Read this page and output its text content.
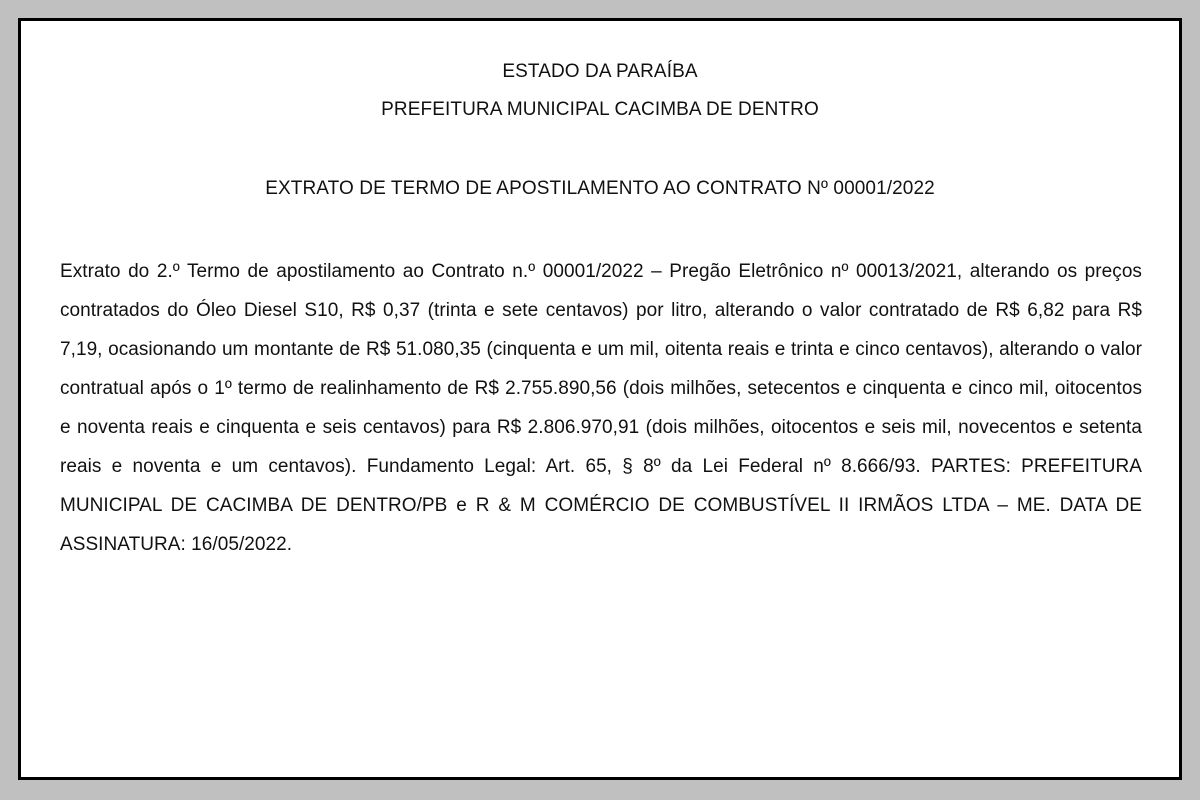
ESTADO DA PARAÍBA

PREFEITURA MUNICIPAL CACIMBA DE DENTRO

EXTRATO DE TERMO DE APOSTILAMENTO AO CONTRATO Nº 00001/2022

Extrato do 2.º Termo de apostilamento ao Contrato n.º 00001/2022 – Pregão Eletrônico nº 00013/2021, alterando os preços contratados do Óleo Diesel S10, R$ 0,37 (trinta e sete centavos) por litro, alterando o valor contratado de R$ 6,82 para R$ 7,19, ocasionando um montante de R$ 51.080,35 (cinquenta e um mil, oitenta reais e trinta e cinco centavos), alterando o valor contratual após o 1º termo de realinhamento de R$ 2.755.890,56 (dois milhões, setecentos e cinquenta e cinco mil, oitocentos e noventa reais e cinquenta e seis centavos) para R$ 2.806.970,91 (dois milhões, oitocentos e seis mil, novecentos e setenta reais e noventa e um centavos). Fundamento Legal: Art. 65, § 8º da Lei Federal nº 8.666/93. PARTES: PREFEITURA MUNICIPAL DE CACIMBA DE DENTRO/PB e R & M COMÉRCIO DE COMBUSTÍVEL II IRMÃOS LTDA – ME. DATA DE ASSINATURA: 16/05/2022.
